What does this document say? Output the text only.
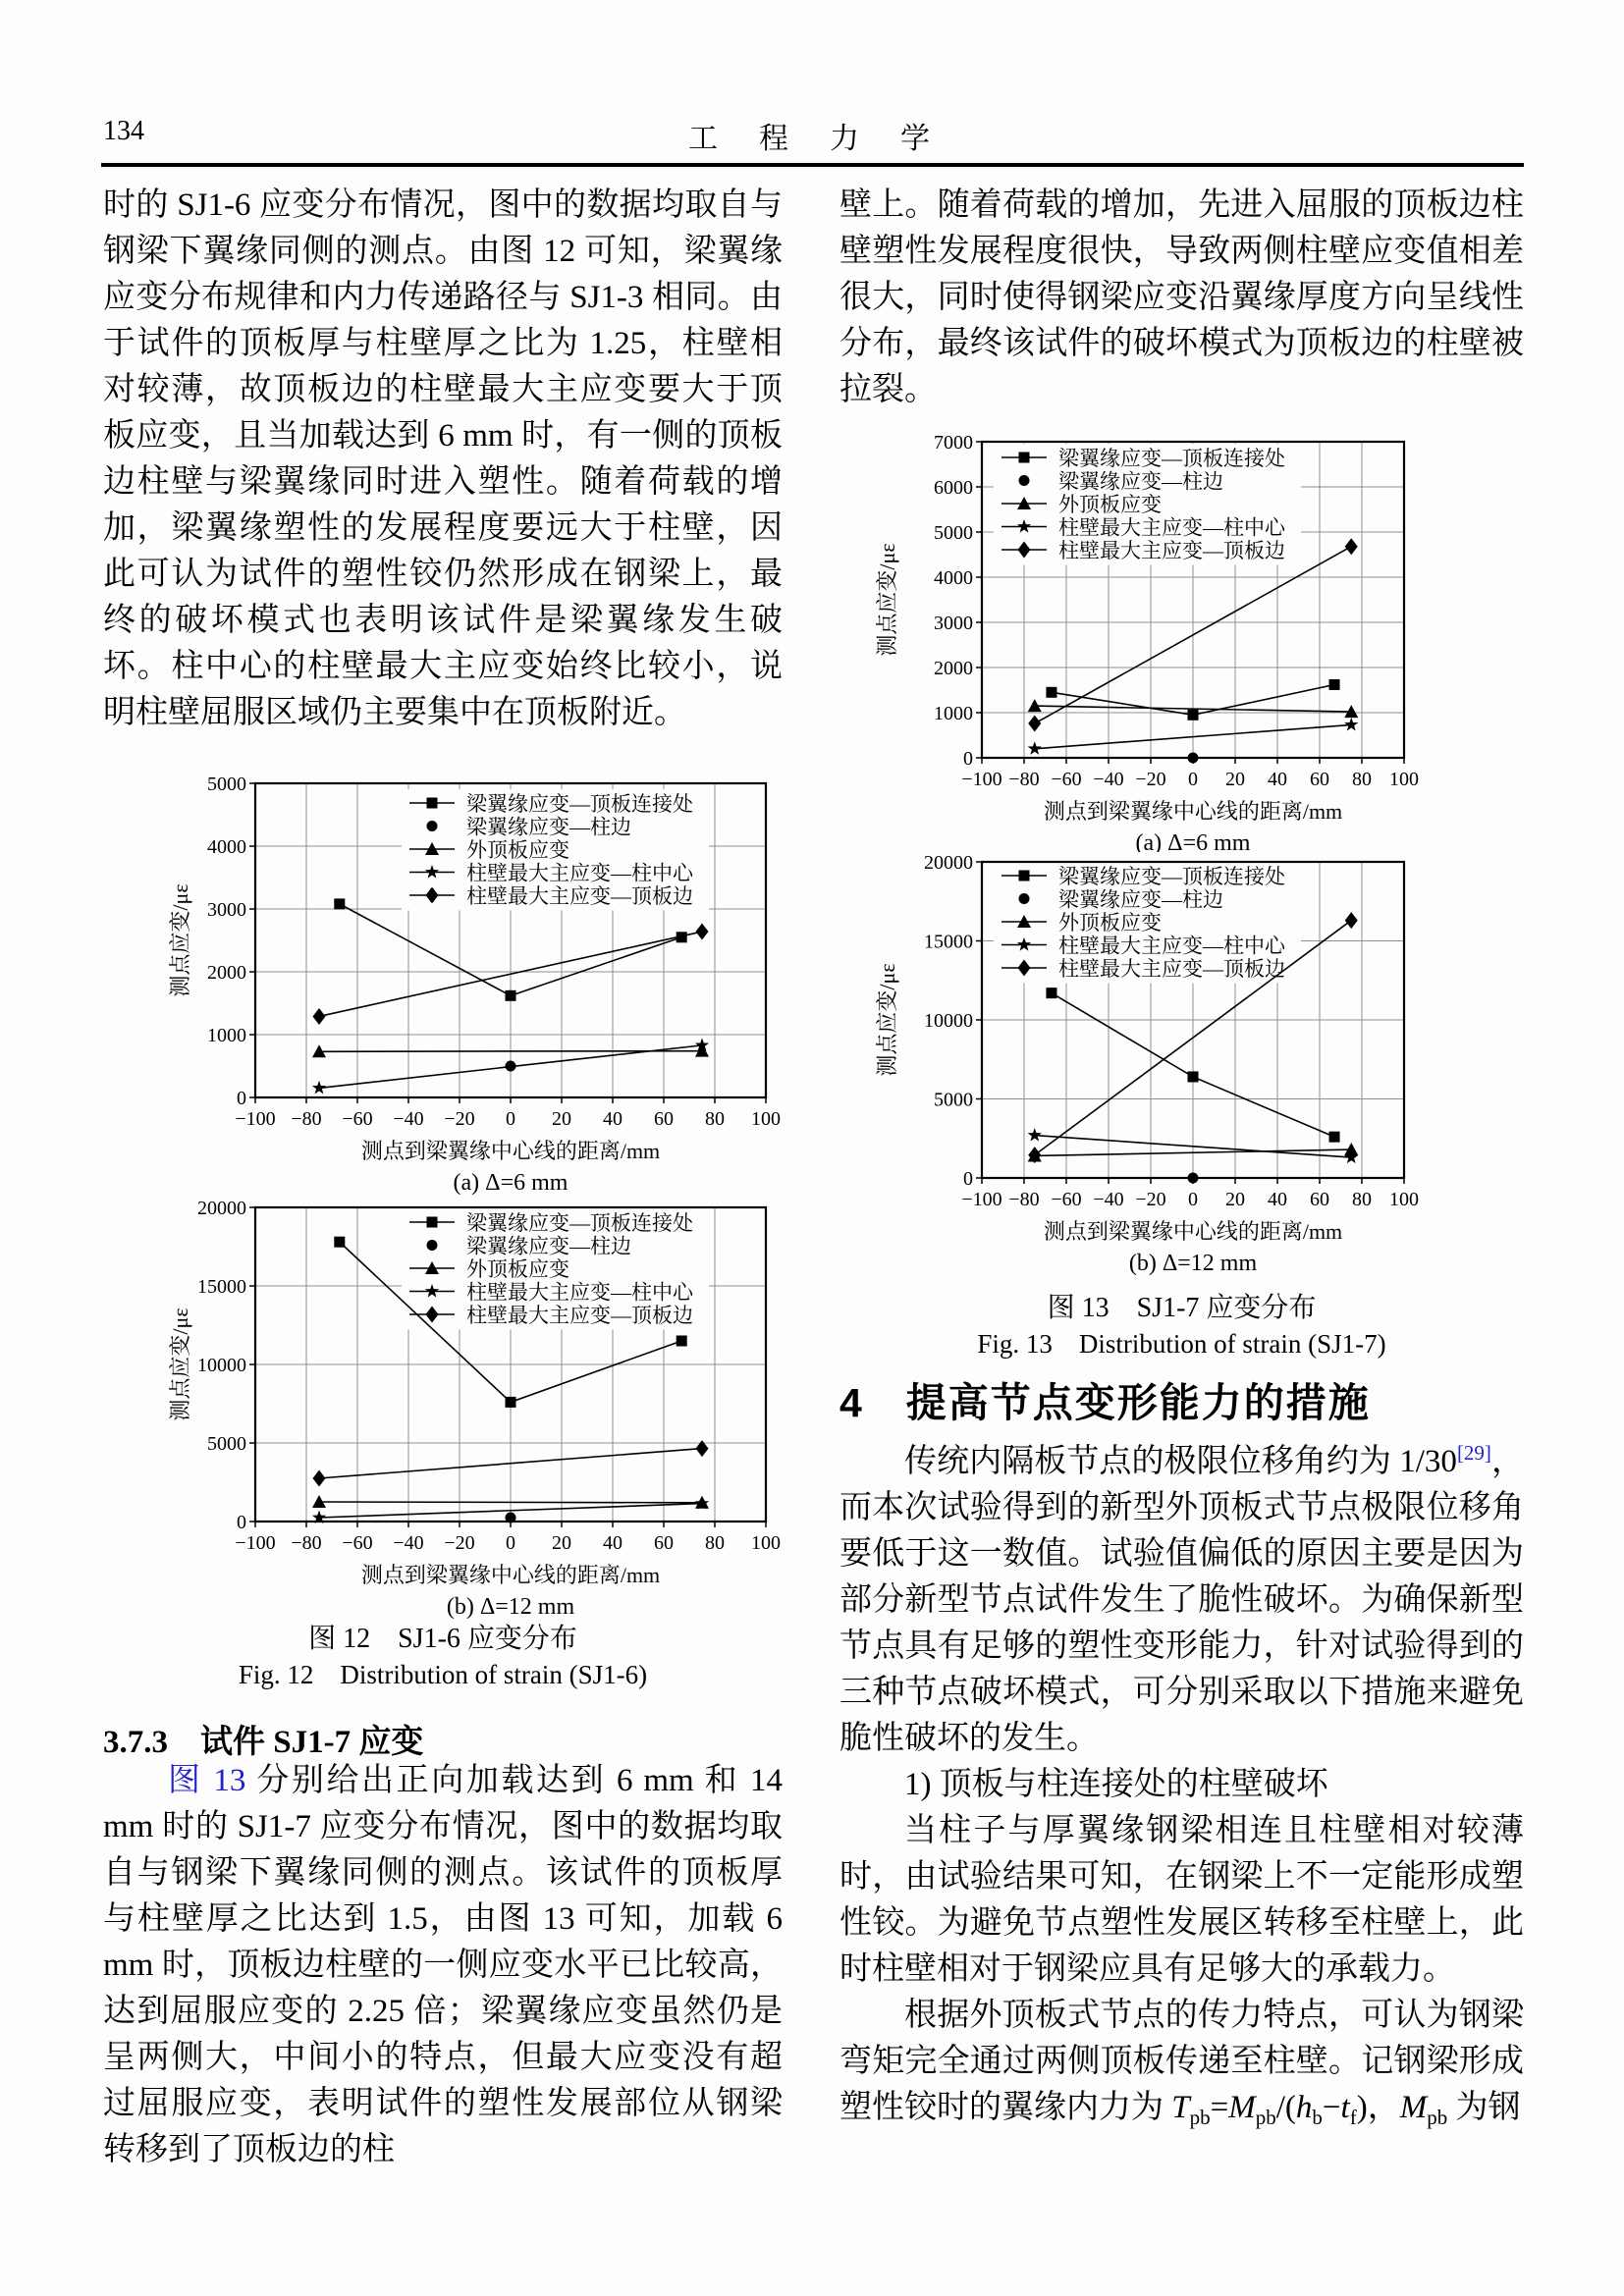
134	工　程　力　学

时的 SJ1-6 应变分布情况，图中的数据均取自与钢梁下翼缘同侧的测点。由图 12 可知，梁翼缘应变分布规律和内力传递路径与 SJ1-3 相同。由于试件的顶板厚与柱壁厚之比为 1.25，柱壁相对较薄，故顶板边的柱壁最大主应变要大于顶板应变，且当加载达到 6 mm 时，有一侧的顶板边柱壁与梁翼缘同时进入塑性。随着荷载的增加，梁翼缘塑性的发展程度要远大于柱壁，因此可认为试件的塑性铰仍然形成在钢梁上，最终的破坏模式也表明该试件是梁翼缘发生破坏。柱中心的柱壁最大主应变始终比较小，说明柱壁屈服区域仍主要集中在顶板附近。

−100 −80 −60 −40 −20 0 20 40 60 80 100
0
1000
2000
3000
4000
5000
梁翼缘应变—顶板连接处
梁翼缘应变—柱边
外顶板应变
柱壁最大主应变—柱中心
柱壁最大主应变—顶板边
测点到梁翼缘中心线的距离/mm
测点应变/με
(a) Δ=6 mm
−100 −80 −60 −40 −20 0 20 40 60 80 100
0
5000
10000
15000
20000
梁翼缘应变—顶板连接处
梁翼缘应变—柱边
外顶板应变
柱壁最大主应变—柱中心
柱壁最大主应变—顶板边
测点到梁翼缘中心线的距离/mm
测点应变/με
(b) Δ=12 mm
图 12　SJ1-6 应变分布
Fig. 12　Distribution of strain (SJ1-6)

3.7.3　试件 SJ1-7 应变

图 13 分别给出正向加载达到 6 mm 和 14 mm 时的 SJ1-7 应变分布情况，图中的数据均取自与钢梁下翼缘同侧的测点。该试件的顶板厚与柱壁厚之比达到 1.5，由图 13 可知，加载 6 mm 时，顶板边柱壁的一侧应变水平已比较高，达到屈服应变的 2.25 倍；梁翼缘应变虽然仍是呈两侧大，中间小的特点，但最大应变没有超过屈服应变，表明试件的塑性发展部位从钢梁转移到了顶板边的柱

壁上。随着荷载的增加，先进入屈服的顶板边柱壁塑性发展程度很快，导致两侧柱壁应变值相差很大，同时使得钢梁应变沿翼缘厚度方向呈线性分布，最终该试件的破坏模式为顶板边的柱壁被拉裂。

−100 −80 −60 −40 −20 0 20 40 60 80 100
0
1000
2000
3000
4000
5000
6000
7000
梁翼缘应变—顶板连接处
梁翼缘应变—柱边
外顶板应变
柱壁最大主应变—柱中心
柱壁最大主应变—顶板边
测点到梁翼缘中心线的距离/mm
测点应变/με
(a) Δ=6 mm
−100 −80 −60 −40 −20 0 20 40 60 80 100
0
5000
10000
15000
20000
梁翼缘应变—顶板连接处
梁翼缘应变—柱边
外顶板应变
柱壁最大主应变—柱中心
柱壁最大主应变—顶板边
测点到梁翼缘中心线的距离/mm
测点应变/με
(b) Δ=12 mm
图 13　SJ1-7 应变分布
Fig. 13　Distribution of strain (SJ1-7)

4　提高节点变形能力的措施

传统内隔板节点的极限位移角约为 1/30[29]，而本次试验得到的新型外顶板式节点极限位移角要低于这一数值。试验值偏低的原因主要是因为部分新型节点试件发生了脆性破坏。为确保新型节点具有足够的塑性变形能力，针对试验得到的三种节点破坏模式，可分别采取以下措施来避免脆性破坏的发生。

1) 顶板与柱连接处的柱壁破坏

当柱子与厚翼缘钢梁相连且柱壁相对较薄时，由试验结果可知，在钢梁上不一定能形成塑性铰。为避免节点塑性发展区转移至柱壁上，此时柱壁相对于钢梁应具有足够大的承载力。

根据外顶板式节点的传力特点，可认为钢梁弯矩完全通过两侧顶板传递至柱壁。记钢梁形成塑性铰时的翼缘内力为 $T_{pb}=M_{pb}/(h_b-t_f)$，$M_{pb}$ 为钢
